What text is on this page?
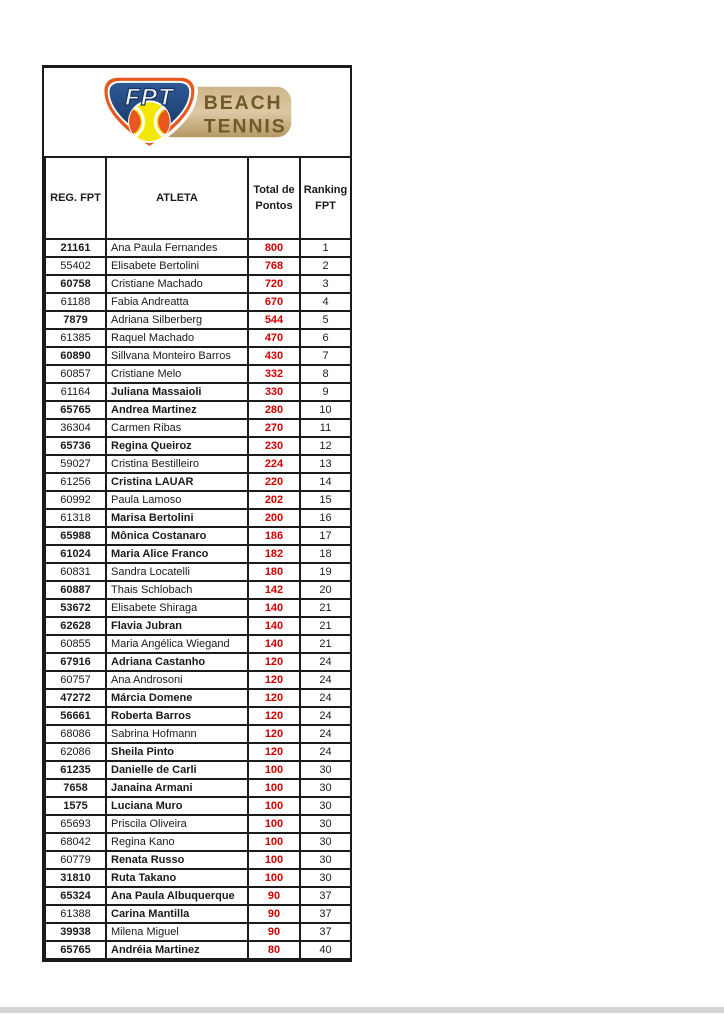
BEACH
TENNIS
FPT
REG. FPT	ATLETA	Total de Pontos	Ranking FPT
21161	Ana Paula Fernandes	800	1
55402	Elisabete Bertolini	768	2
60758	Cristiane Machado	720	3
61188	Fabia Andreatta	670	4
7879	Adriana Silberberg	544	5
61385	Raquel Machado	470	6
60890	Sillvana Monteiro Barros	430	7
60857	Cristiane Melo	332	8
61164	Juliana Massaioli	330	9
65765	Andrea Martinez	280	10
36304	Carmen Ribas	270	11
65736	Regina Queiroz	230	12
59027	Cristina Bestilleiro	224	13
61256	Cristina LAUAR	220	14
60992	Paula Lamoso	202	15
61318	Marisa Bertolini	200	16
65988	Mônica Costanaro	186	17
61024	Maria Alice Franco	182	18
60831	Sandra Locatelli	180	19
60887	Thais Schlobach	142	20
53672	Elisabete Shiraga	140	21
62628	Flavia Jubran	140	21
60855	Maria Angélica Wiegand	140	21
67916	Adriana Castanho	120	24
60757	Ana Androsoni	120	24
47272	Márcia Domene	120	24
56661	Roberta Barros	120	24
68086	Sabrina Hofmann	120	24
62086	Sheila Pinto	120	24
61235	Danielle de Carli	100	30
7658	Janaina Armani	100	30
1575	Luciana Muro	100	30
65693	Priscila Oliveira	100	30
68042	Regina Kano	100	30
60779	Renata Russo	100	30
31810	Ruta Takano	100	30
65324	Ana Paula Albuquerque	90	37
61388	Carina Mantilla	90	37
39938	Milena Miguel	90	37
65765	Andréia Martinez	80	40
